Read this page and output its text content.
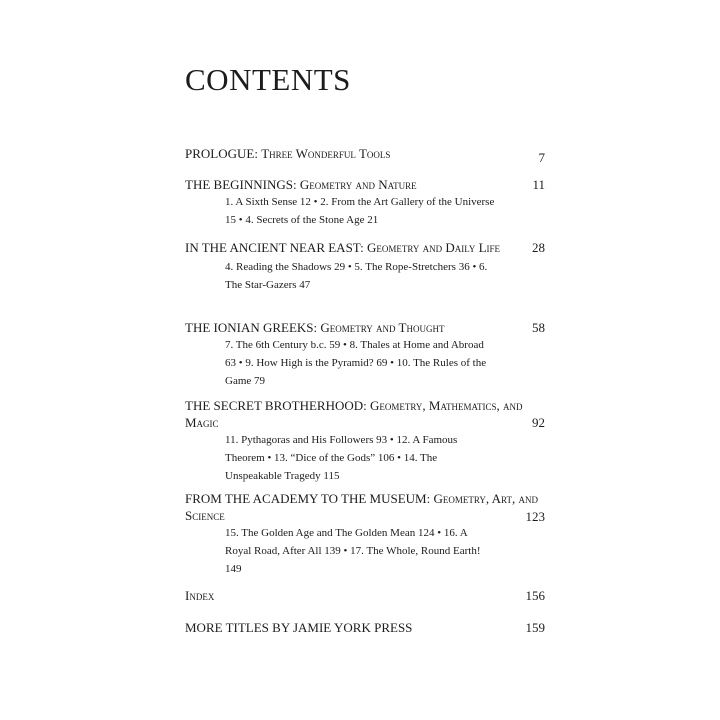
CONTENTS
PROLOGUE: Three Wonderful Tools	7
THE BEGINNINGS: Geometry and Nature	11
1. A Sixth Sense 12 • 2. From the Art Gallery of the Universe 15 • 4. Secrets of the Stone Age 21
IN THE ANCIENT NEAR EAST: Geometry and Daily Life	28
4. Reading the Shadows 29 • 5. The Rope-Stretchers 36 • 6. The Star-Gazers 47
THE IONIAN GREEKS: Geometry and Thought	58
7. The 6th Century b.c. 59 • 8. Thales at Home and Abroad 63 • 9. How High is the Pyramid? 69 • 10. The Rules of the Game 79
THE SECRET BROTHERHOOD: Geometry, Mathematics, and Magic	92
11. Pythagoras and His Followers 93 • 12. A Famous Theorem • 13. “Dice of the Gods” 106 • 14. The Unspeakable Tragedy 115
FROM THE ACADEMY TO THE MUSEUM: Geometry, Art, and Science	123
15. The Golden Age and The Golden Mean 124 • 16. A Royal Road, After All 139 • 17. The Whole, Round Earth! 149
Index	156
MORE TITLES BY JAMIE YORK PRESS	159
